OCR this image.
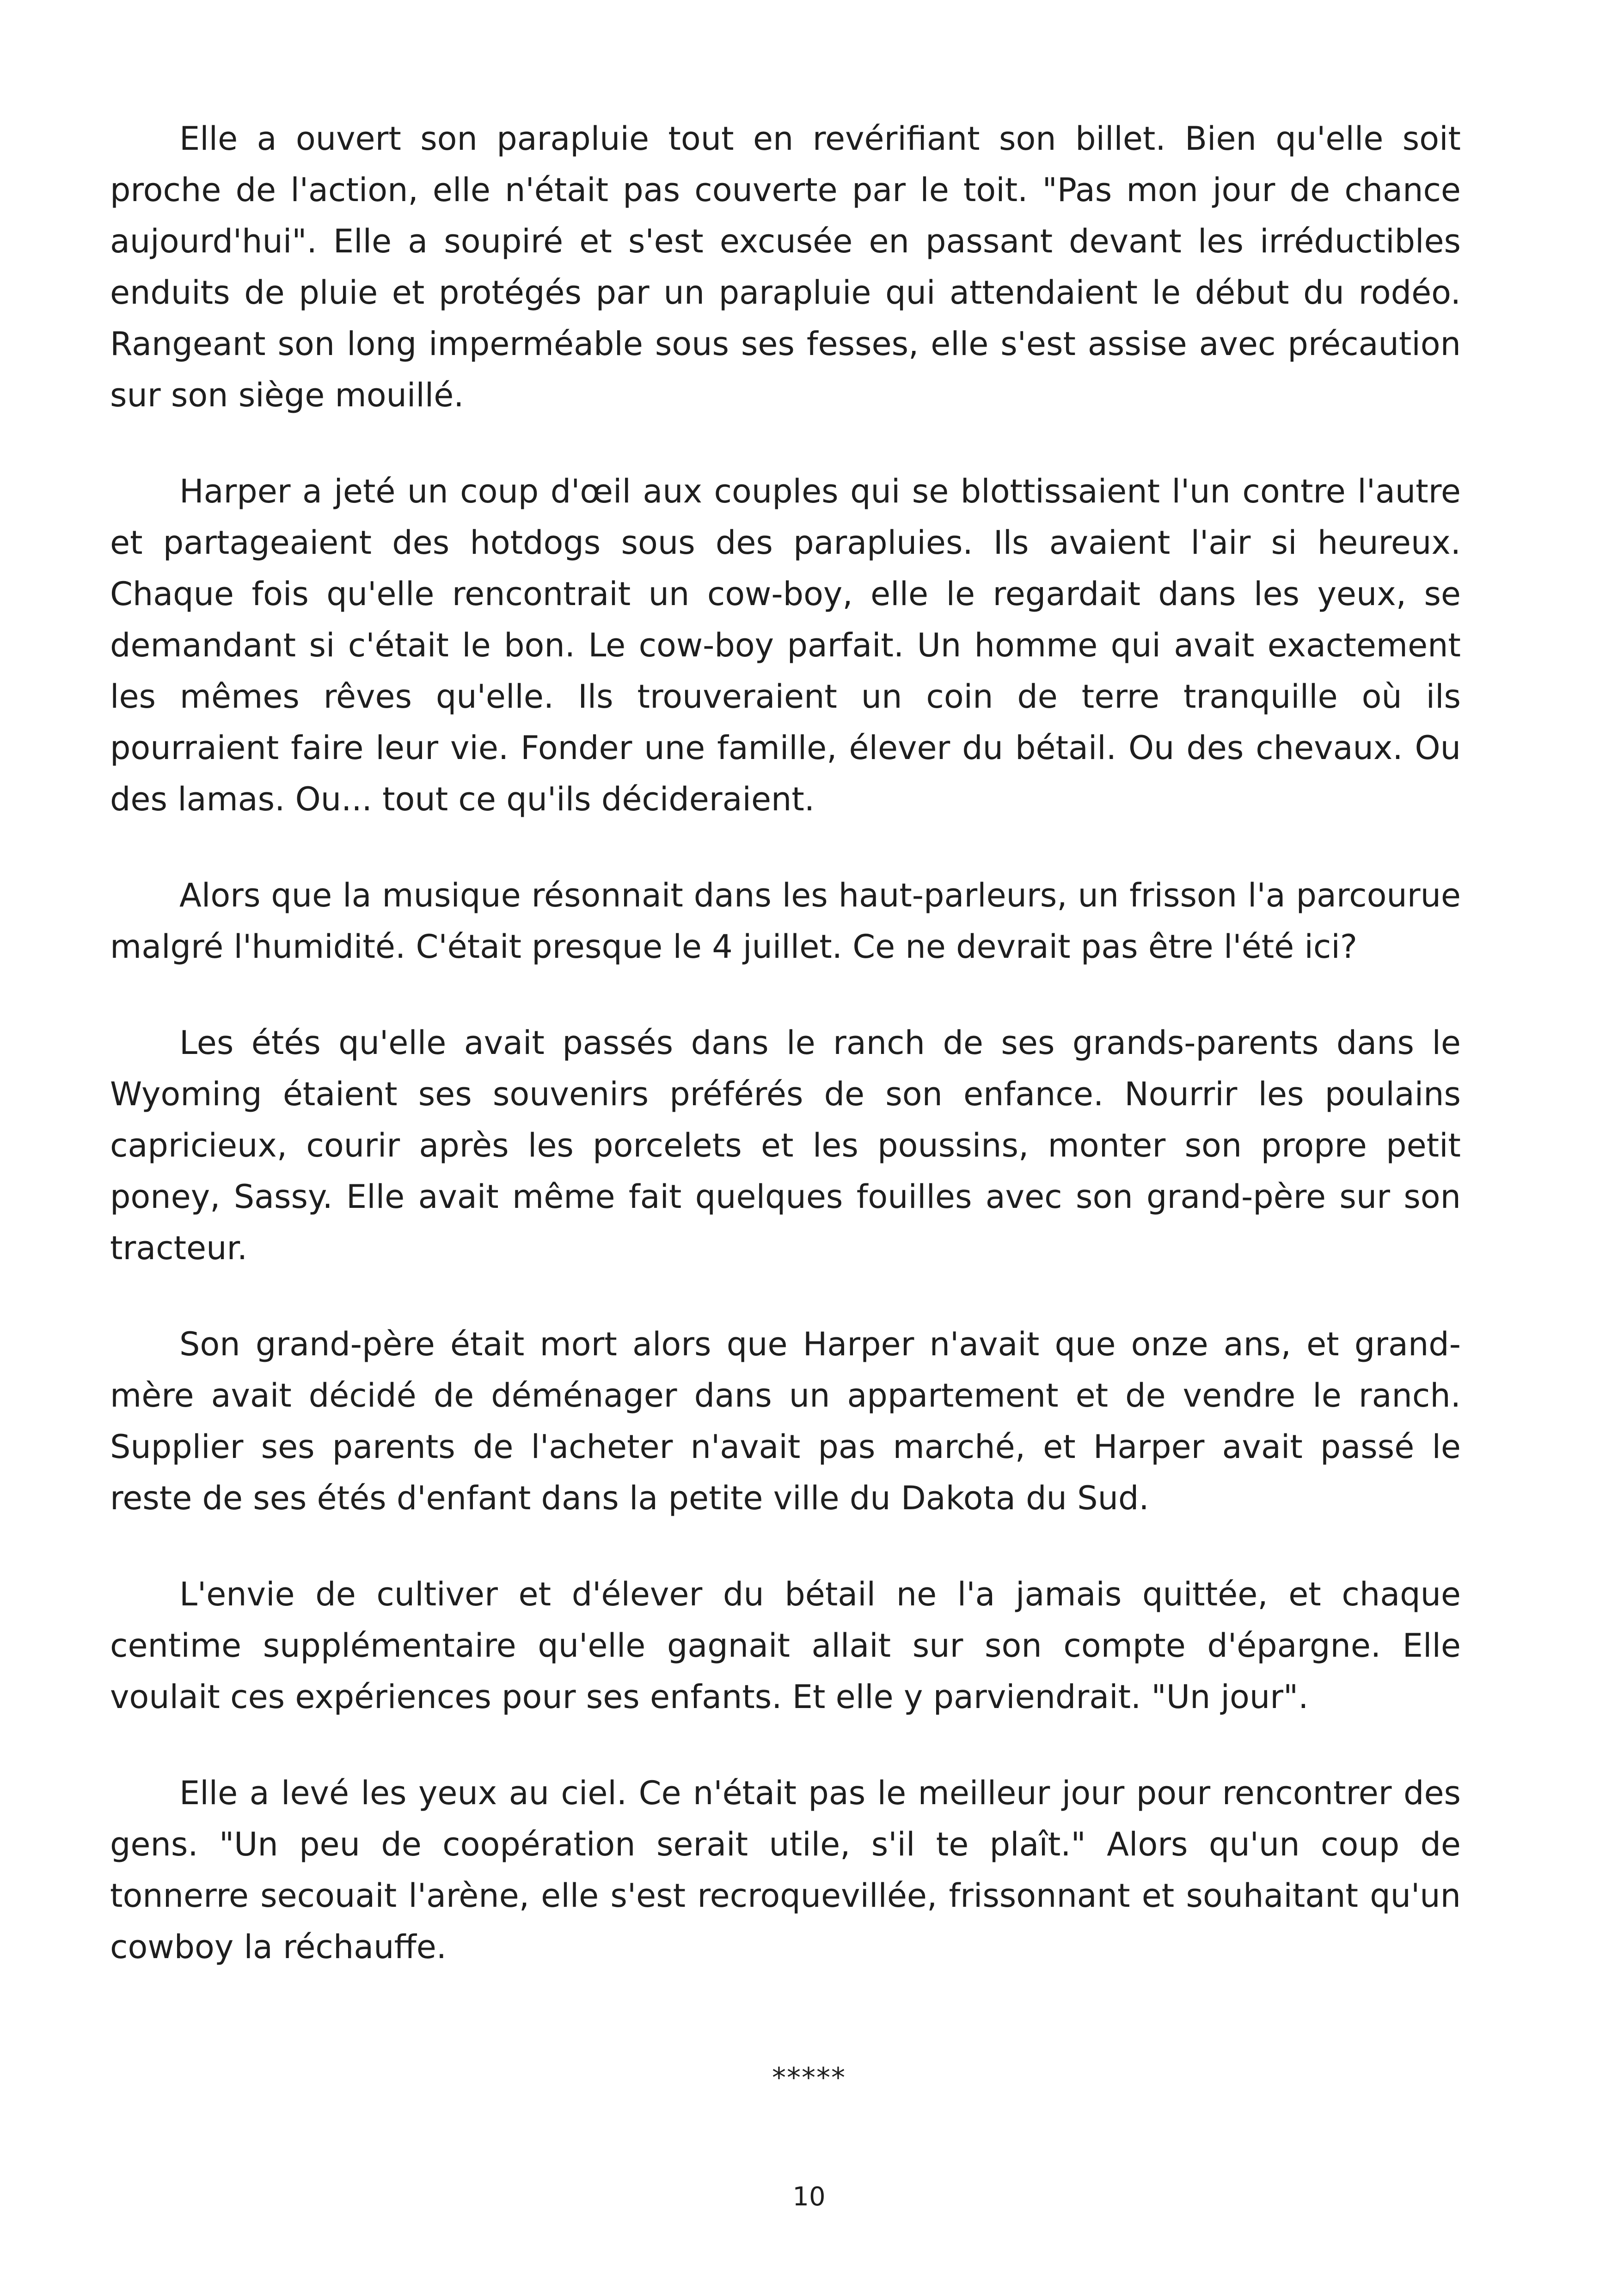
Elle a ouvert son parapluie tout en revérifiant son billet. Bien qu'elle soit proche de l'action, elle n'était pas couverte par le toit. "Pas mon jour de chance aujourd'hui". Elle a soupiré et s'est excusée en passant devant les irréductibles enduits de pluie et protégés par un parapluie qui attendaient le début du rodéo. Rangeant son long imperméable sous ses fesses, elle s'est assise avec précaution sur son siège mouillé.

Harper a jeté un coup d'œil aux couples qui se blottissaient l'un contre l'autre et partageaient des hotdogs sous des parapluies. Ils avaient l'air si heureux. Chaque fois qu'elle rencontrait un cow-boy, elle le regardait dans les yeux, se demandant si c'était le bon. Le cow-boy parfait. Un homme qui avait exactement les mêmes rêves qu'elle. Ils trouveraient un coin de terre tranquille où ils pourraient faire leur vie. Fonder une famille, élever du bétail. Ou des chevaux. Ou des lamas. Ou... tout ce qu'ils décideraient.

Alors que la musique résonnait dans les haut-parleurs, un frisson l'a parcourue malgré l'humidité. C'était presque le 4 juillet. Ce ne devrait pas être l'été ici?

Les étés qu'elle avait passés dans le ranch de ses grands-parents dans le Wyoming étaient ses souvenirs préférés de son enfance. Nourrir les poulains capricieux, courir après les porcelets et les poussins, monter son propre petit poney, Sassy. Elle avait même fait quelques fouilles avec son grand-père sur son tracteur.

Son grand-père était mort alors que Harper n'avait que onze ans, et grand-mère avait décidé de déménager dans un appartement et de vendre le ranch. Supplier ses parents de l'acheter n'avait pas marché, et Harper avait passé le reste de ses étés d'enfant dans la petite ville du Dakota du Sud.

L'envie de cultiver et d'élever du bétail ne l'a jamais quittée, et chaque centime supplémentaire qu'elle gagnait allait sur son compte d'épargne. Elle voulait ces expériences pour ses enfants. Et elle y parviendrait. "Un jour".

Elle a levé les yeux au ciel. Ce n'était pas le meilleur jour pour rencontrer des gens. "Un peu de coopération serait utile, s'il te plaît." Alors qu'un coup de tonnerre secouait l'arène, elle s'est recroquevillée, frissonnant et souhaitant qu'un cowboy la réchauffe.

*****
10
